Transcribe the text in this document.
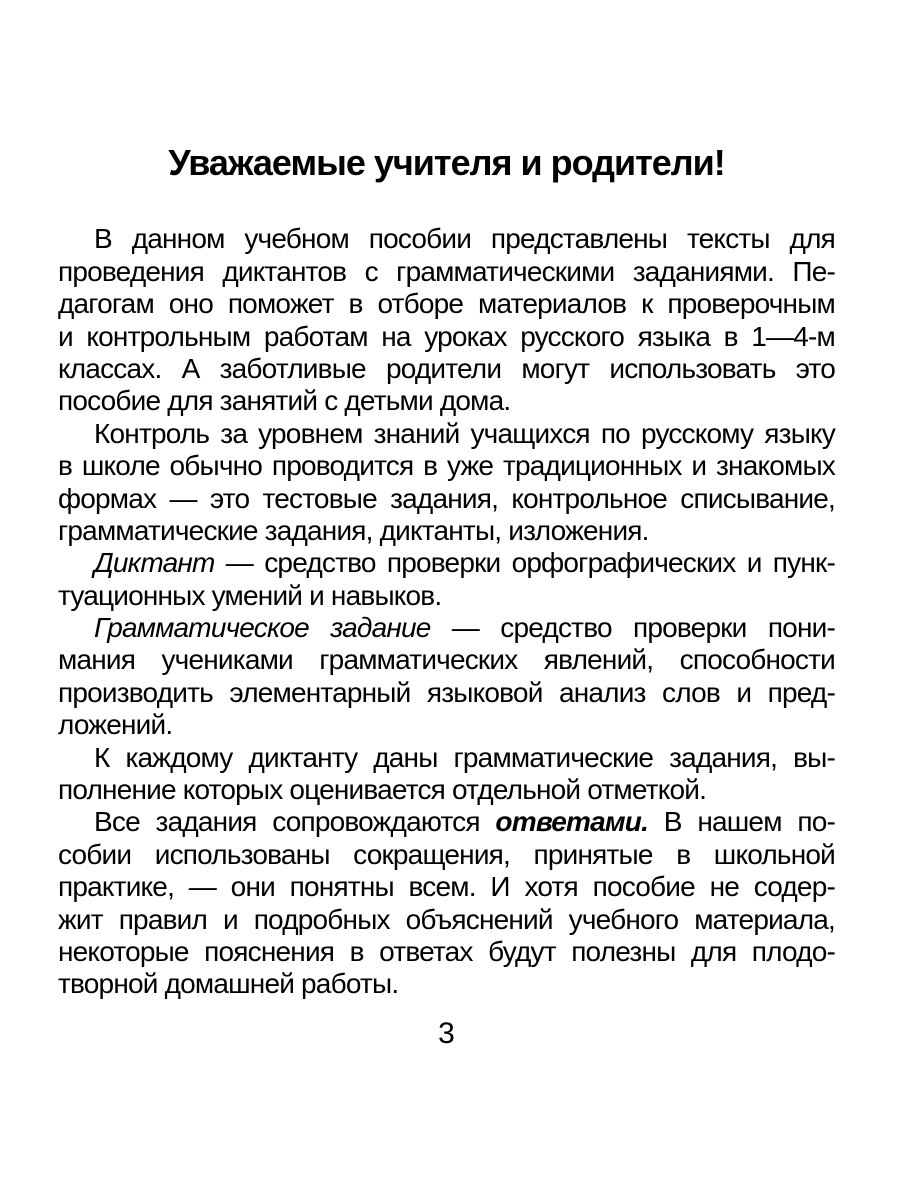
Уважаемые учителя и родители!
В данном учебном пособии представлены тексты для
проведения диктантов с грамматическими заданиями. Пе-
дагогам оно поможет в отборе материалов к проверочным
и контрольным работам на уроках русского языка в 1—4-м
классах. А заботливые родители могут использовать это
пособие для занятий с детьми дома.
Контроль за уровнем знаний учащихся по русскому языку
в школе обычно проводится в уже традиционных и знакомых
формах — это тестовые задания, контрольное списывание,
грамматические задания, диктанты, изложения.
Диктант — средство проверки орфографических и пунк-
туационных умений и навыков.
Грамматическое задание — средство проверки пони-
мания учениками грамматических явлений, способности
производить элементарный языковой анализ слов и пред-
ложений.
К каждому диктанту даны грамматические задания, вы-
полнение которых оценивается отдельной отметкой.
Все задания сопровождаются ответами. В нашем по-
собии использованы сокращения, принятые в школьной
практике, — они понятны всем. И хотя пособие не содер-
жит правил и подробных объяснений учебного материала,
некоторые пояснения в ответах будут полезны для плодо-
творной домашней работы.
3
